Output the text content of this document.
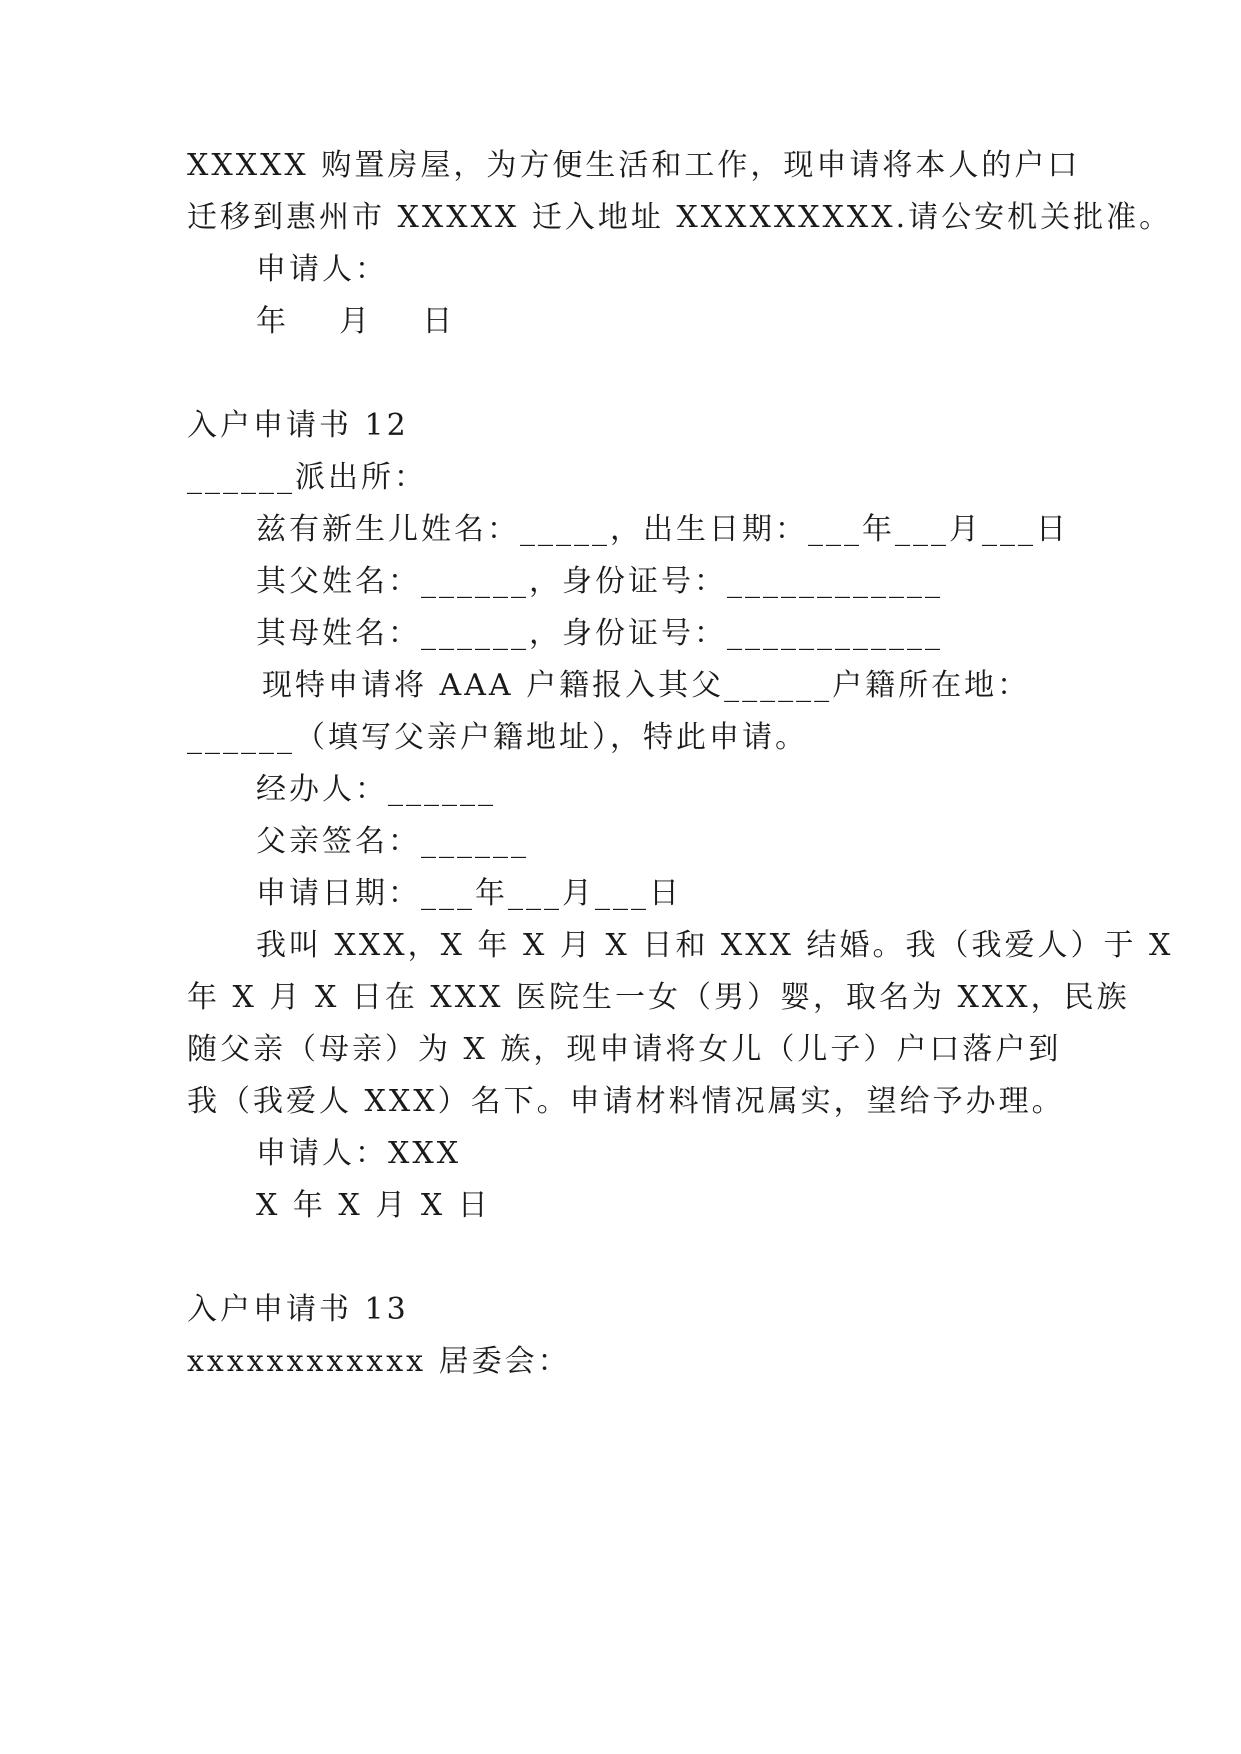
XXXXX 购置房屋，为方便生活和工作，现申请将本人的户口
迁移到惠州市 XXXXX 迁入地址 XXXXXXXXX.请公安机关批准。
申请人：
年    月    日
入户申请书 12
______派出所：
兹有新生儿姓名：_____，出生日期：___年___月___日
其父姓名：______，身份证号：____________
其母姓名：______，身份证号：____________
现特申请将 AAA 户籍报入其父______户籍所在地：
______（填写父亲户籍地址），特此申请。
经办人：______
父亲签名：______
申请日期：___年___月___日
我叫 XXX，X 年 X 月 X 日和 XXX 结婚。我（我爱人）于 X
年 X 月 X 日在 XXX 医院生一女（男）婴，取名为 XXX，民族
随父亲（母亲）为 X 族，现申请将女儿（儿子）户口落户到
我（我爱人 XXX）名下。申请材料情况属实，望给予办理。
申请人：XXX
X 年 X 月 X 日
入户申请书 13
xxxxxxxxxxxx 居委会：
